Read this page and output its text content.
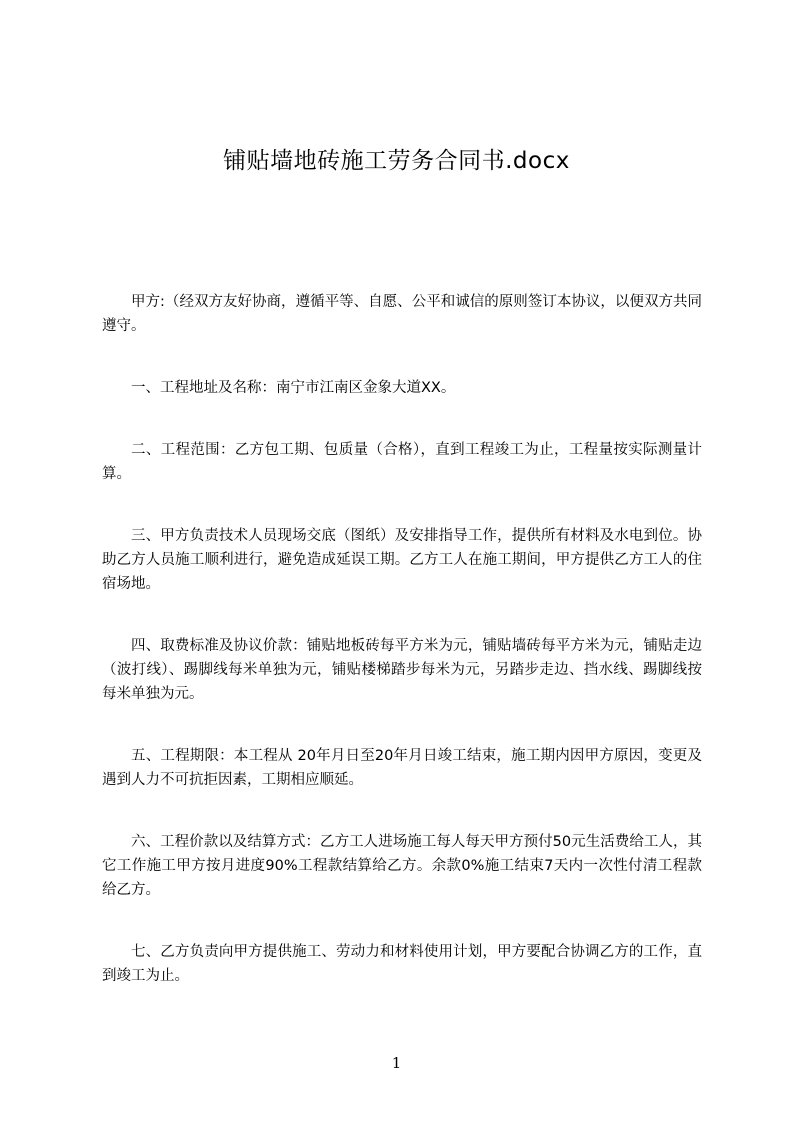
铺贴墙地砖施工劳务合同书.docx

甲方:（经双方友好协商，遵循平等、自愿、公平和诚信的原则签订本协议，以便双方共同遵守。

一、工程地址及名称：南宁市江南区金象大道XX。

二、工程范围：乙方包工期、包质量（合格），直到工程竣工为止，工程量按实际测量计算。

三、甲方负责技术人员现场交底（图纸）及安排指导工作，提供所有材料及水电到位。协助乙方人员施工顺利进行，避免造成延误工期。乙方工人在施工期间，甲方提供乙方工人的住宿场地。

四、取费标准及协议价款：铺贴地板砖每平方米为元，铺贴墙砖每平方米为元，铺贴走边（波打线）、踢脚线每米单独为元，铺贴楼梯踏步每米为元，另踏步走边、挡水线、踢脚线按每米单独为元。

五、工程期限：本工程从 20年月日至20年月日竣工结束，施工期内因甲方原因，变更及遇到人力不可抗拒因素，工期相应顺延。

六、工程价款以及结算方式：乙方工人进场施工每人每天甲方预付50元生活费给工人，其它工作施工甲方按月进度90%工程款结算给乙方。余款0%施工结束7天内一次性付清工程款给乙方。

七、乙方负责向甲方提供施工、劳动力和材料使用计划，甲方要配合协调乙方的工作，直到竣工为止。

1
